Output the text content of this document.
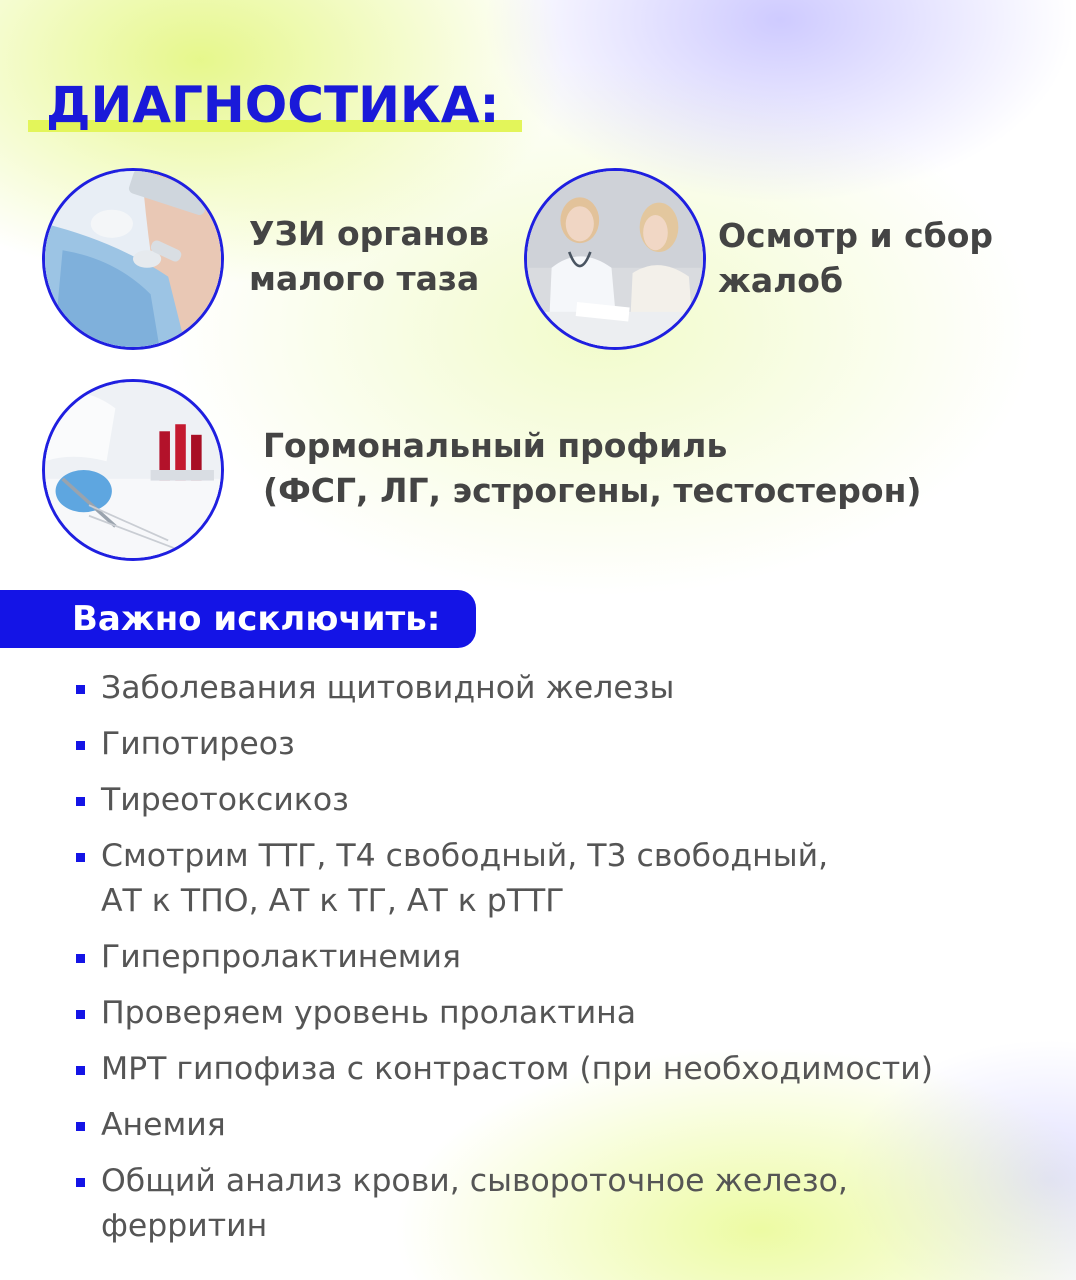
ДИАГНОСТИКА:

УЗИ органов
малого таза

Осмотр и сбор
жалоб

Гормональный профиль
(ФСГ, ЛГ, эстрогены, тестостерон)

Важно исключить:
Заболевания щитовидной железы
Гипотиреоз
Тиреотоксикоз
Смотрим ТТГ, Т4 свободный, Т3 свободный,
АТ к ТПО, АТ к ТГ, АТ к рТТГ
Гиперпролактинемия
Проверяем уровень пролактина
МРТ гипофиза с контрастом (при необходимости)
Анемия
Общий анализ крови, сывороточное железо,
ферритин
